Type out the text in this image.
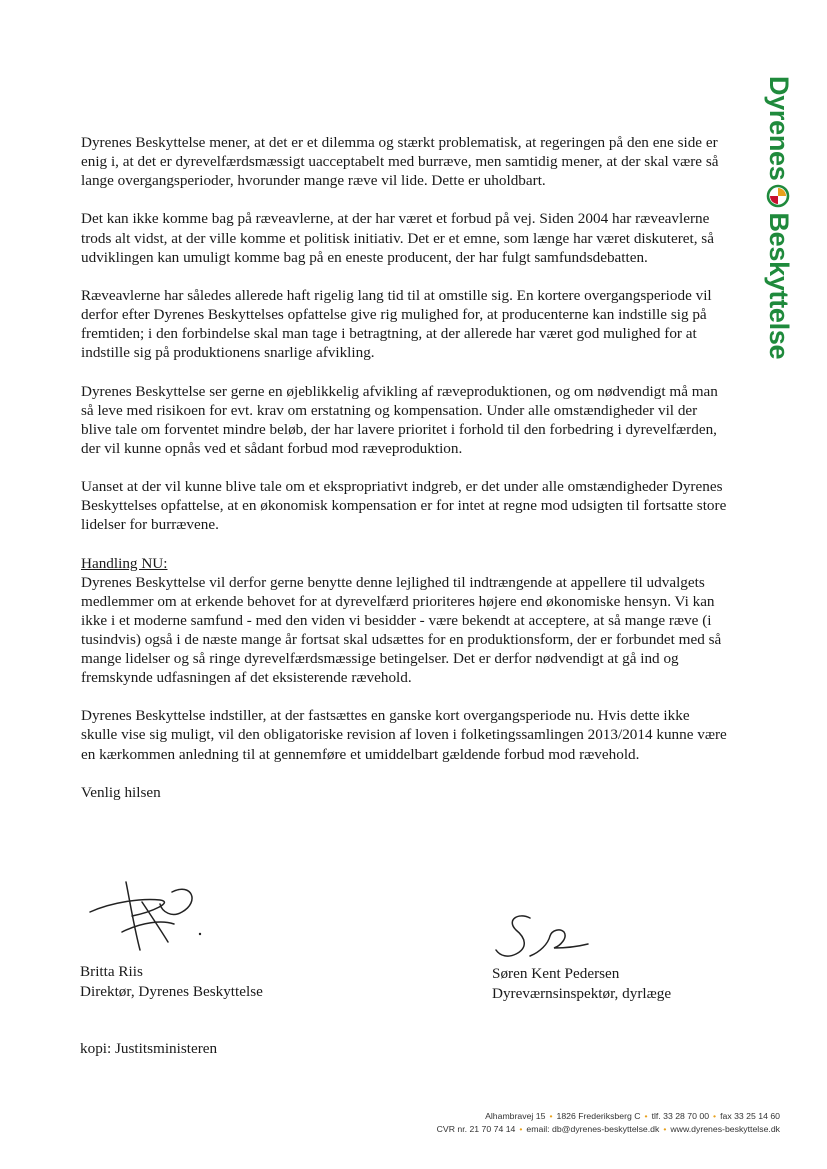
Dyrenes
Beskyttelse

Dyrenes Beskyttelse mener, at det er et dilemma og stærkt problematisk, at regeringen på den ene side er enig i, at det er dyrevelfærdsmæssigt uacceptabelt med burræve, men samtidig mener, at der skal være så lange overgangsperioder, hvorunder mange ræve vil lide. Dette er uholdbart.

Det kan ikke komme bag på ræveavlerne, at der har været et forbud på vej. Siden 2004 har ræveavlerne trods alt vidst, at der ville komme et politisk initiativ. Det er et emne, som længe har været diskuteret, så udviklingen kan umuligt komme bag på en eneste producent, der har fulgt samfundsdebatten.

Ræveavlerne har således allerede haft rigelig lang tid til at omstille sig. En kortere overgangsperiode vil derfor efter Dyrenes Beskyttelses opfattelse give rig mulighed for, at producenterne kan indstille sig på fremtiden; i den forbindelse skal man tage i betragtning, at der allerede har været god mulighed for at indstille sig på produktionens snarlige afvikling.

Dyrenes Beskyttelse ser gerne en øjeblikkelig afvikling af ræveproduktionen, og om nødvendigt må man så leve med risikoen for evt. krav om erstatning og kompensation. Under alle omstændigheder vil der blive tale om forventet mindre beløb, der har lavere prioritet i forhold til den forbedring i dyrevelfærden, der vil kunne opnås ved et sådant forbud mod ræveproduktion.

Uanset at der vil kunne blive tale om et ekspropriativt indgreb, er det under alle omstændigheder Dyrenes Beskyttelses opfattelse, at en økonomisk kompensation er for intet at regne mod udsigten til fortsatte store lidelser for burrævene.

Handling NU:
Dyrenes Beskyttelse vil derfor gerne benytte denne lejlighed til indtrængende at appellere til udvalgets medlemmer om at erkende behovet for at dyrevelfærd prioriteres højere end økonomiske hensyn. Vi kan ikke i et moderne samfund - med den viden vi besidder - være bekendt at acceptere, at så mange ræve (i tusindvis) også i de næste mange år fortsat skal udsættes for en produktionsform, der er forbundet med så mange lidelser og så ringe dyrevelfærdsmæssige betingelser. Det er derfor nødvendigt at gå ind og fremskynde udfasningen af det eksisterende rævehold.

Dyrenes Beskyttelse indstiller, at der fastsættes en ganske kort overgangsperiode nu. Hvis dette ikke skulle vise sig muligt, vil den obligatoriske revision af loven i folketingssamlingen 2013/2014 kunne være en kærkommen anledning til at gennemføre et umiddelbart gældende forbud mod rævehold.

Venlig hilsen

Britta Riis
Direktør, Dyrenes Beskyttelse
Søren Kent Pedersen
Dyreværnsinspektør, dyrlæge
kopi: Justitsministeren
Alhambravej 15 • 1826 Frederiksberg C • tlf. 33 28 70 00 • fax 33 25 14 60
CVR nr. 21 70 74 14 • email: db@dyrenes-beskyttelse.dk • www.dyrenes-beskyttelse.dk
